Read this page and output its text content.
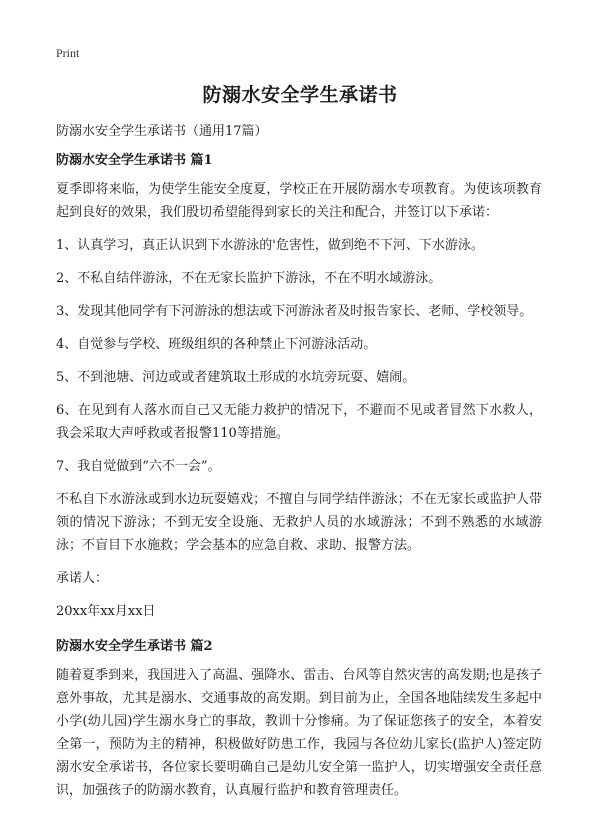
Print
防溺水安全学生承诺书

防溺水安全学生承诺书（通用17篇）

防溺水安全学生承诺书 篇1

夏季即将来临，为使学生能安全度夏，学校正在开展防溺水专项教育。为使该项教育起到良好的效果，我们殷切希望能得到家长的关注和配合，并签订以下承诺：

1、认真学习，真正认识到下水游泳的'危害性，做到绝不下河、下水游泳。

2、不私自结伴游泳，不在无家长监护下游泳，不在不明水域游泳。

3、发现其他同学有下河游泳的想法或下河游泳者及时报告家长、老师、学校领导。

4、自觉参与学校、班级组织的各种禁止下河游泳活动。

5、不到池塘、河边或或者建筑取土形成的水坑旁玩耍、嬉闹。

6、在见到有人落水而自己又无能力救护的情况下，不避而不见或者冒然下水救人，我会采取大声呼救或者报警110等措施。

7、我自觉做到“六不一会”。

不私自下水游泳或到水边玩耍嬉戏；不擅自与同学结伴游泳；不在无家长或监护人带领的情况下游泳；不到无安全设施、无救护人员的水域游泳；不到不熟悉的水域游泳；不盲目下水施救；学会基本的应急自救、求助、报警方法。

承诺人：

20xx年xx月xx日

防溺水安全学生承诺书 篇2

随着夏季到来，我国进入了高温、强降水、雷击、台风等自然灾害的高发期;也是孩子意外事故，尤其是溺水、交通事故的高发期。到目前为止，全国各地陆续发生多起中小学(幼儿园)学生溺水身亡的事故，教训十分惨痛。为了保证您孩子的安全，本着安全第一，预防为主的精神，积极做好防患工作，我园与各位幼儿家长(监护人)签定防溺水安全承诺书，各位家长要明确自己是幼儿安全第一监护人，切实增强安全责任意识，加强孩子的防溺水教育，认真履行监护和教育管理责任。
